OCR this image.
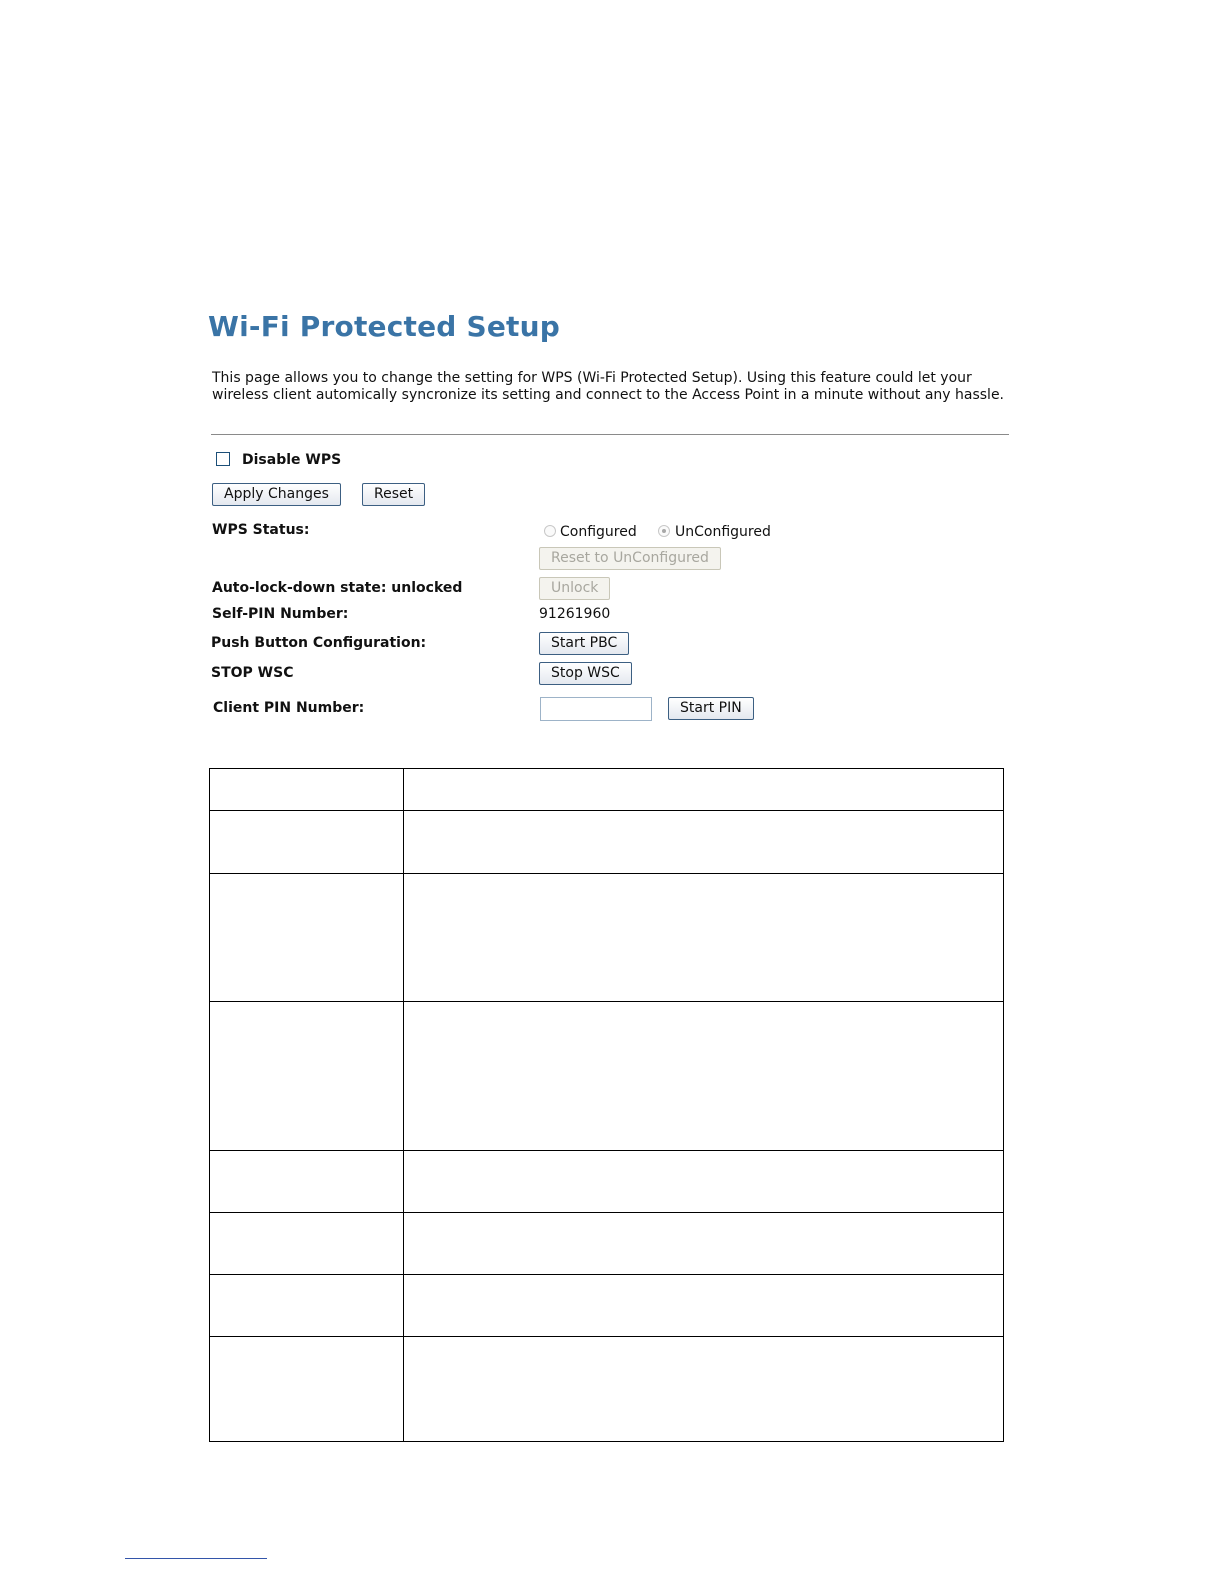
Wi-Fi Protected Setup
This page allows you to change the setting for WPS (Wi-Fi Protected Setup). Using this feature could let your wireless client automically syncronize its setting and connect to the Access Point in a minute without any hassle.
Disable WPS
Apply Changes	Reset
WPS Status:	Configured	UnConfigured
Reset to UnConfigured
Auto-lock-down state: unlocked	Unlock
Self-PIN Number:	91261960
Push Button Configuration:	Start PBC
STOP WSC	Stop WSC
Client PIN Number:	Start PIN
